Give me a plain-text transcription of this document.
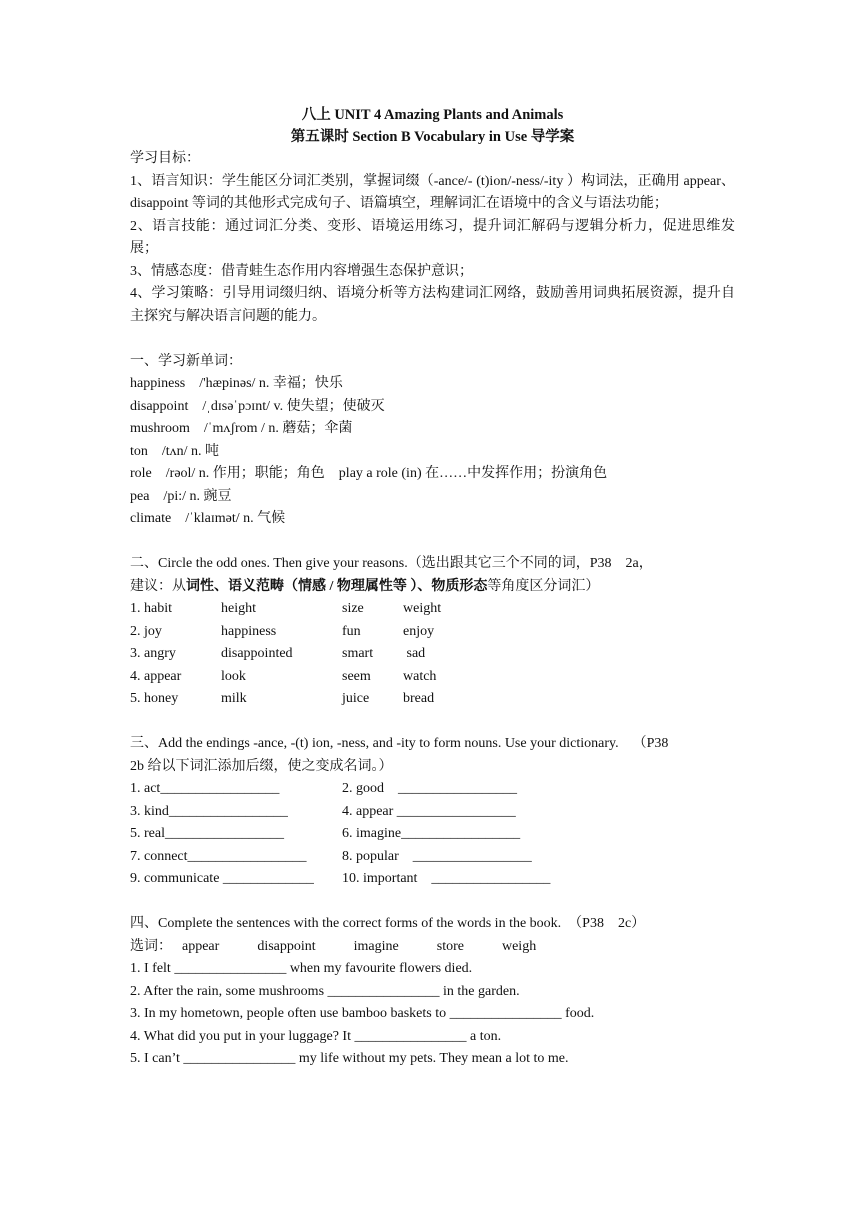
八上 UNIT 4 Amazing Plants and Animals
第五课时 Section B Vocabulary in Use 导学案
学习目标：
1、语言知识：学生能区分词汇类别，掌握词缀（-ance/- (t)ion/-ness/-ity ）构词法，正确用 appear、disappoint 等词的其他形式完成句子、语篇填空，理解词汇在语境中的含义与语法功能；
2、语言技能：通过词汇分类、变形、语境运用练习，提升词汇解码与逻辑分析力，促进思维发展；
3、情感态度：借青蛙生态作用内容增强生态保护意识；
4、学习策略：引导用词缀归纳、语境分析等方法构建词汇网络，鼓励善用词典拓展资源，提升自主探究与解决语言问题的能力。
一、学习新单词：
happiness    /'hæpinəs/ n. 幸福；快乐
disappoint    /ˌdɪsəˈpɔɪnt/ v. 使失望；使破灭
mushroom    /ˈmʌʃrom / n. 蘑菇；伞菌
ton    /tʌn/ n. 吨
role    /rəol/ n. 作用；职能；角色    play a role (in) 在……中发挥作用；扮演角色
pea    /pi:/ n. 豌豆
climate    /ˈklaɪmət/ n. 气候
二、Circle the odd ones. Then give your reasons.（选出跟其它三个不同的词，P38    2a，
建议：从词性、语义范畴（情感 / 物理属性等 ）、物质形态等角度区分词汇）
1. habit	height	size	weight
2. joy	happiness	fun	enjoy
3. angry	disappointed	smart	sad
4. appear	look	seem	watch
5. honey	milk	juice	bread
三、Add the endings -ance, -(t) ion, -ness, and -ity to form nouns. Use your dictionary.    （P38
2b 给以下词汇添加后缀，使之变成名词。）
1. act_________________	2. good    _________________
3. kind_________________	4. appear _________________
5. real_________________	6. imagine_________________
7. connect_________________	8. popular    _________________
9. communicate _____________	10. important    _________________
四、Complete the sentences with the correct forms of the words in the book.  （P38    2c）
选词： appear	disappoint	imagine	store	weigh
1. I felt ________________ when my favourite flowers died.
2. After the rain, some mushrooms ________________ in the garden.
3. In my hometown, people often use bamboo baskets to ________________ food.
4. What did you put in your luggage? It ________________ a ton.
5. I can’t ________________ my life without my pets. They mean a lot to me.
